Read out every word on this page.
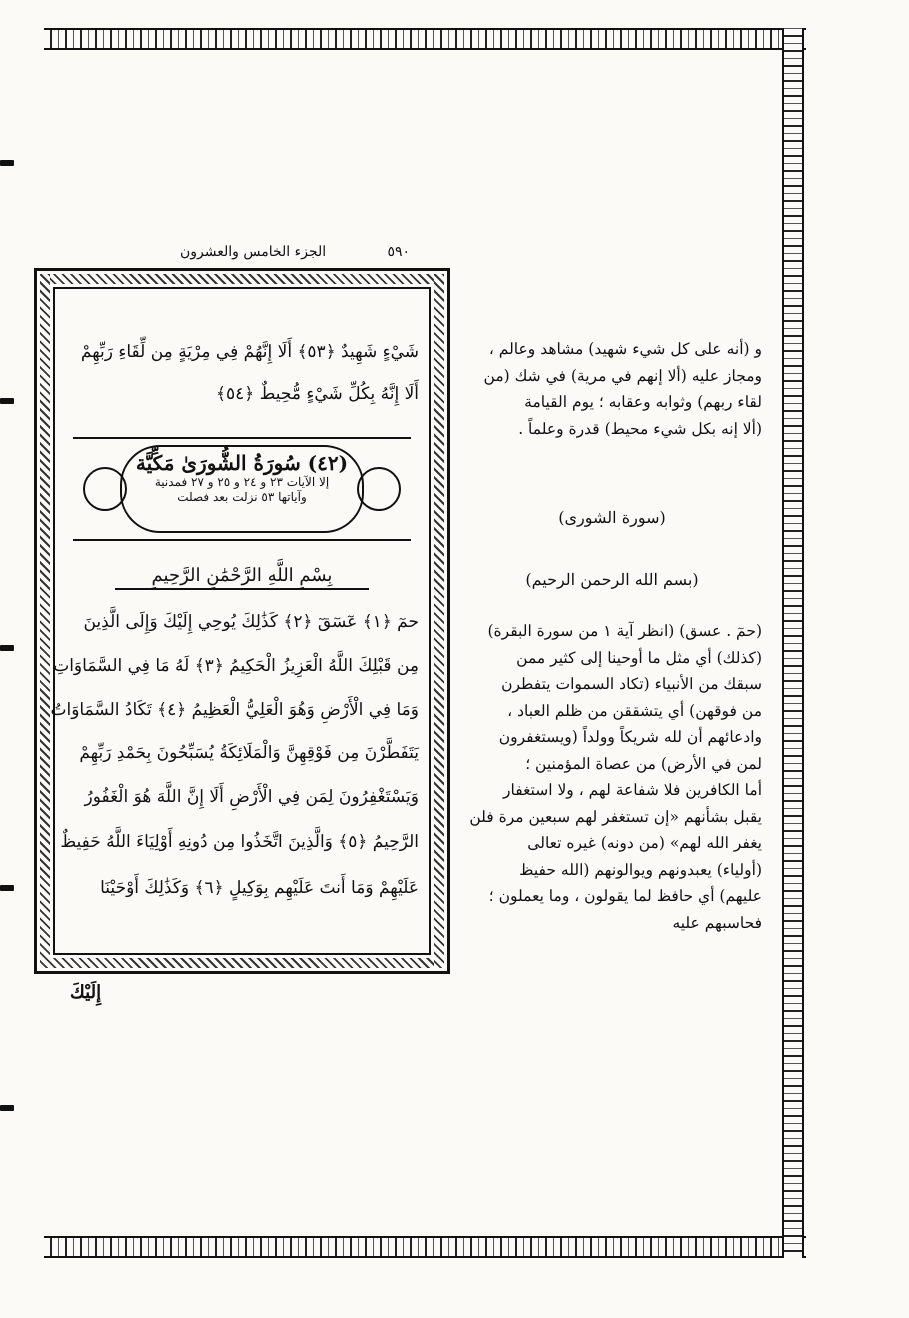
٥٩٠
الجزء الخامس والعشرون
شَيْءٍ شَهِيدٌ ﴿٥٣﴾ أَلَا إِنَّهُمْ فِي مِرْيَةٍ مِن لِّقَاءِ رَبِّهِمْ
أَلَا إِنَّهُ بِكُلِّ شَيْءٍ مُّحِيطٌ ﴿٥٤﴾
(٤٢) سُورَةُ الشُّورَىٰ مَكِّيَّة
إلا الآيات ٢٣ و ٢٤ و ٢٥ و ٢٧ فمدنية
وآياتها ٥٣ نزلت بعد فصلت
بِسْمِ اللَّهِ الرَّحْمَٰنِ الرَّحِيمِ
حمٓ ﴿١﴾ عٓسٓقٓ ﴿٢﴾ كَذَٰلِكَ يُوحِي إِلَيْكَ وَإِلَى الَّذِينَ
مِن قَبْلِكَ اللَّهُ الْعَزِيزُ الْحَكِيمُ ﴿٣﴾ لَهُ مَا فِي السَّمَاوَاتِ
وَمَا فِي الْأَرْضِ وَهُوَ الْعَلِيُّ الْعَظِيمُ ﴿٤﴾ تَكَادُ السَّمَاوَاتُ
يَتَفَطَّرْنَ مِن فَوْقِهِنَّ وَالْمَلَائِكَةُ يُسَبِّحُونَ بِحَمْدِ رَبِّهِمْ
وَيَسْتَغْفِرُونَ لِمَن فِي الْأَرْضِ أَلَا إِنَّ اللَّهَ هُوَ الْغَفُورُ
الرَّحِيمُ ﴿٥﴾ وَالَّذِينَ اتَّخَذُوا مِن دُونِهِ أَوْلِيَاءَ اللَّهُ حَفِيظٌ
عَلَيْهِمْ وَمَا أَنتَ عَلَيْهِم بِوَكِيلٍ ﴿٦﴾ وَكَذَٰلِكَ أَوْحَيْنَا
إِلَيْكَ
و (أنه على كل شيء شهيد) مشاهد وعالم ،
ومجاز عليه (ألا إنهم في مرية) في شك (من
لقاء ربهم) وثوابه وعقابه ؛ يوم القيامة
(ألا إنه بكل شيء محيط) قدرة وعلماً .
(سورة الشورى)
(بسم الله الرحمن الرحيم)
(حمٓ . عسق) (انظر آية ١ من سورة البقرة)
(كذلك) أي مثل ما أوحينا إلى كثير ممن
سبقك من الأنبياء (تكاد السموات يتفطرن
من فوقهن) أي يتشققن من ظلم العباد ،
وادعائهم أن لله شريكاً وولداً (ويستغفرون
لمن في الأرض) من عصاة المؤمنين ؛
أما الكافرين فلا شفاعة لهم ، ولا استغفار
يقبل بشأنهم «إن تستغفر لهم سبعين مرة فلن
يغفر الله لهم» (من دونه) غيره تعالى
(أولياء) يعبدونهم ويوالونهم (الله حفيظ
عليهم) أي حافظ لما يقولون ، وما يعملون ؛
فحاسبهم عليه
